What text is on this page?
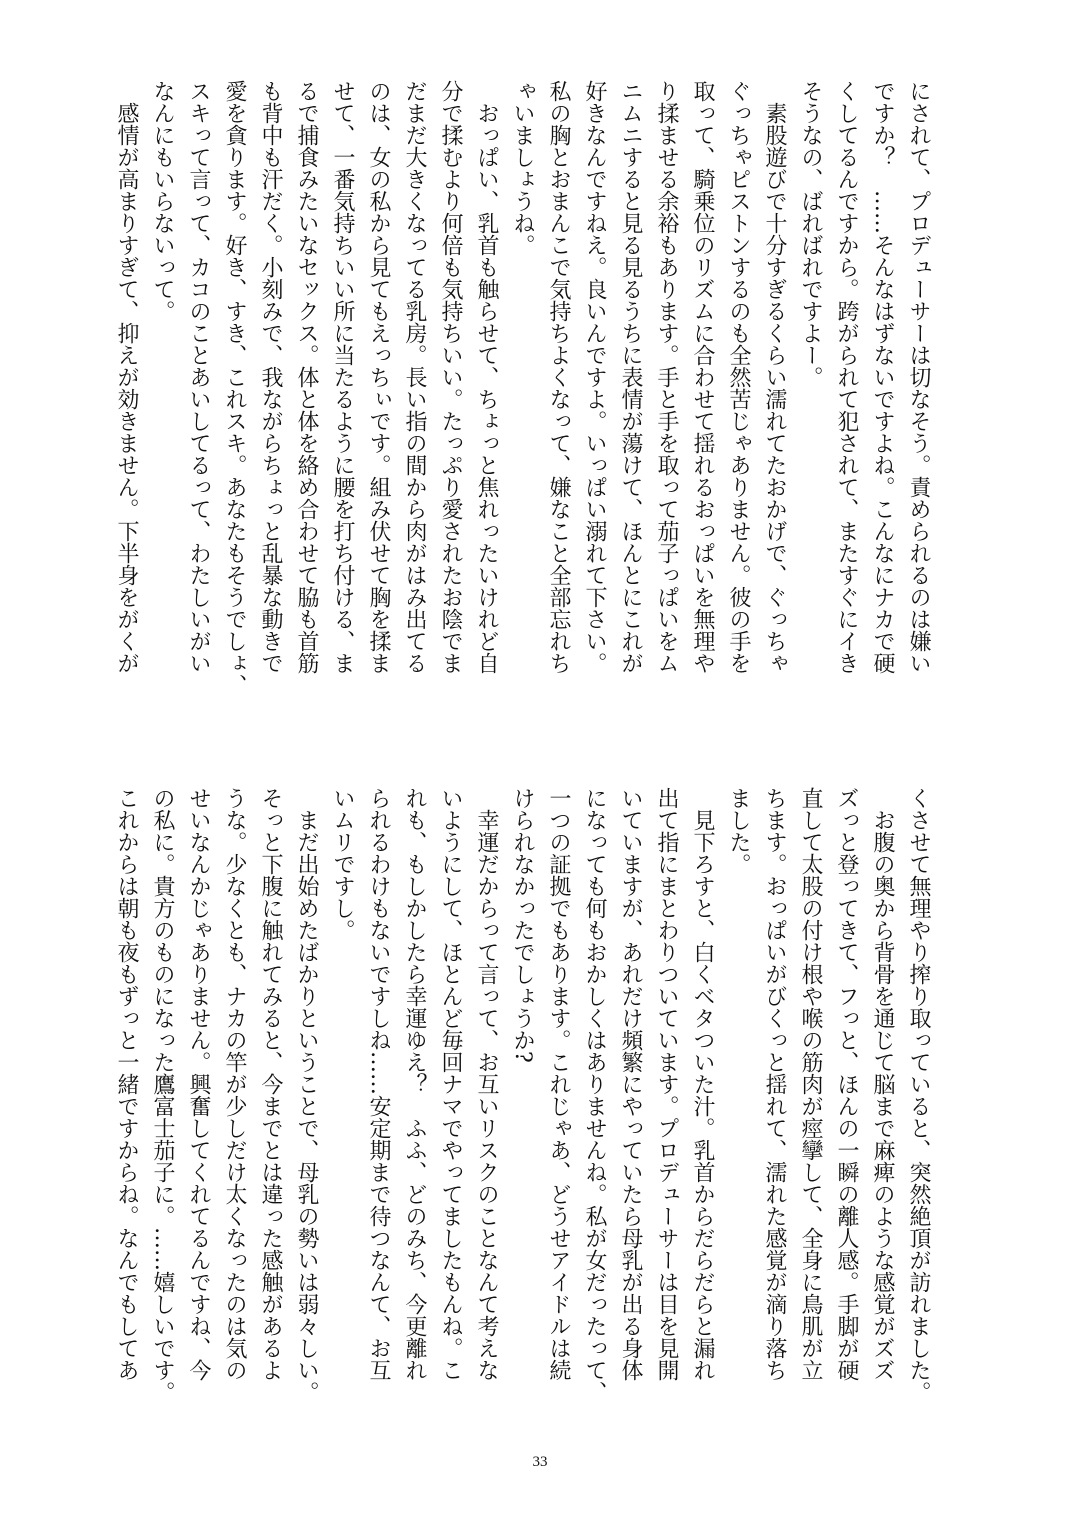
にされて、プロデューサーは切なそう。責められるのは嫌い
ですか？　……そんなはずないですよね。こんなにナカで硬
くしてるんですから。跨がられて犯されて、またすぐにイき
そうなの、ばればれですよー。
　素股遊びで十分すぎるくらい濡れてたおかげで、ぐっちゃ
ぐっちゃピストンするのも全然苦じゃありません。彼の手を
取って、騎乗位のリズムに合わせて揺れるおっぱいを無理や
り揉ませる余裕もあります。手と手を取って茄子っぱいをム
ニムニすると見る見るうちに表情が蕩けて、ほんとにこれが
好きなんですねえ。良いんですよ。いっぱい溺れて下さい。
私の胸とおまんこで気持ちよくなって、嫌なこと全部忘れち
ゃいましょうね。
　おっぱい、乳首も触らせて、ちょっと焦れったいけれど自
分で揉むより何倍も気持ちいい。たっぷり愛されたお陰でま
だまだ大きくなってる乳房。長い指の間から肉がはみ出てる
のは、女の私から見てもえっちぃです。組み伏せて胸を揉ま
せて、一番気持ちいい所に当たるように腰を打ち付ける、ま
るで捕食みたいなセックス。体と体を絡め合わせて脇も首筋
も背中も汗だく。小刻みで、我ながらちょっと乱暴な動きで
愛を貪ります。好き、すき、これスキ。あなたもそうでしょ、
スキって言って、カコのことあいしてるって、わたしいがい
なんにもいらないって。
　感情が高まりすぎて、抑えが効きません。下半身をがくが
くさせて無理やり搾り取っていると、突然絶頂が訪れました。
　お腹の奥から背骨を通じて脳まで麻痺のような感覚がズズ
ズっと登ってきて、フっと、ほんの一瞬の離人感。手脚が硬
直して太股の付け根や喉の筋肉が痙攣して、全身に鳥肌が立
ちます。おっぱいがびくっと揺れて、濡れた感覚が滴り落ち
ました。
　見下ろすと、白くベタついた汁。乳首からだらだらと漏れ
出て指にまとわりついています。プロデューサーは目を見開
いていますが、あれだけ頻繁にやっていたら母乳が出る身体
になっても何もおかしくはありませんね。私が女だったって、
一つの証拠でもあります。これじゃあ、どうせアイドルは続
けられなかったでしょうか?
　幸運だからって言って、お互いリスクのことなんて考えな
いようにして、ほとんど毎回ナマでやってましたもんね。こ
れも、もしかしたら幸運ゆえ？　ふふ、どのみち、今更離れ
られるわけもないですしね……安定期まで待つなんて、お互
いムリですし。
　まだ出始めたばかりということで、母乳の勢いは弱々しい。
そっと下腹に触れてみると、今までとは違った感触があるよ
うな。少なくとも、ナカの竿が少しだけ太くなったのは気の
せいなんかじゃありません。興奮してくれてるんですね、今
の私に。貴方のものになった鷹富士茄子に。……嬉しいです。
これからは朝も夜もずっと一緒ですからね。なんでもしてあ
33
